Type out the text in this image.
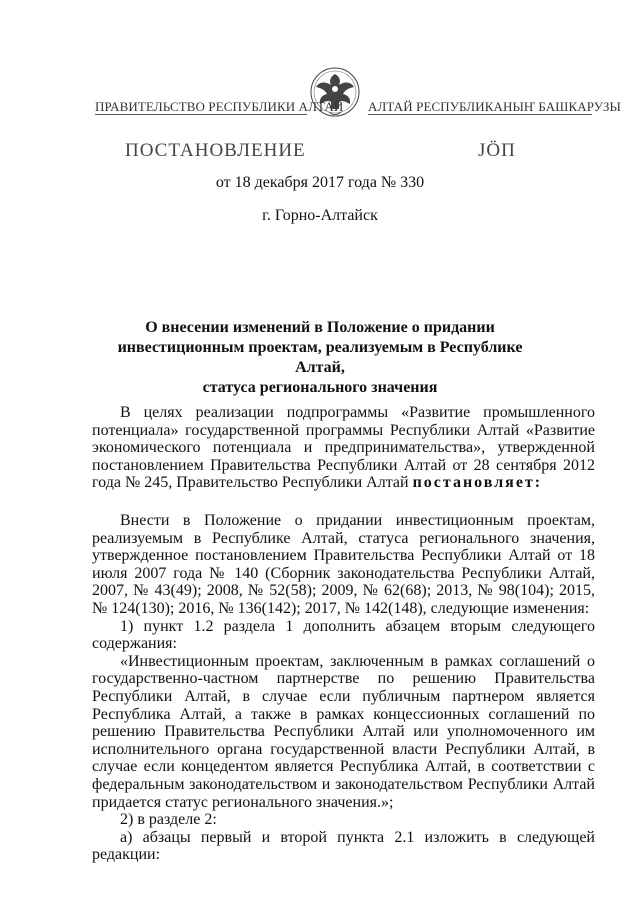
ПРАВИТЕЛЬСТВО РЕСПУБЛИКИ АЛТАЙ АЛТАЙ РЕСПУБЛИКАНЫҤ БАШКАРУЗЫ
ПОСТАНОВЛЕНИЕ	JӦП
от 18 декабря 2017 года № 330
г. Горно-Алтайск
О внесении изменений в Положение о придании
инвестиционным проектам, реализуемым в Республике Алтай,
статуса регионального значения

В целях реализации подпрограммы «Развитие промышленного потенциала» государственной программы Республики Алтай «Развитие экономического потенциала и предпринимательства», утвержденной постановлением Правительства Республики Алтай от 28 сентября 2012 года № 245, Правительство Республики Алтай постановляет:

Внести в Положение о придании инвестиционным проектам, реализуемым в Республике Алтай, статуса регионального значения, утвержденное постановлением Правительства Республики Алтай от 18 июля 2007 года № 140 (Сборник законодательства Республики Алтай, 2007, № 43(49); 2008, № 52(58); 2009, № 62(68); 2013, № 98(104); 2015, № 124(130); 2016, № 136(142); 2017, № 142(148), следующие изменения:

1) пункт 1.2 раздела 1 дополнить абзацем вторым следующего содержания:

«Инвестиционным проектам, заключенным в рамках соглашений о государственно-частном партнерстве по решению Правительства Республики Алтай, в случае если публичным партнером является Республика Алтай, а также в рамках концессионных соглашений по решению Правительства Республики Алтай или уполномоченного им исполнительного органа государственной власти Республики Алтай, в случае если концедентом является Республика Алтай, в соответствии с федеральным законодательством и законодательством Республики Алтай придается статус регионального значения.»;

2) в разделе 2:

а) абзацы первый и второй пункта 2.1 изложить в следующей редакции:
